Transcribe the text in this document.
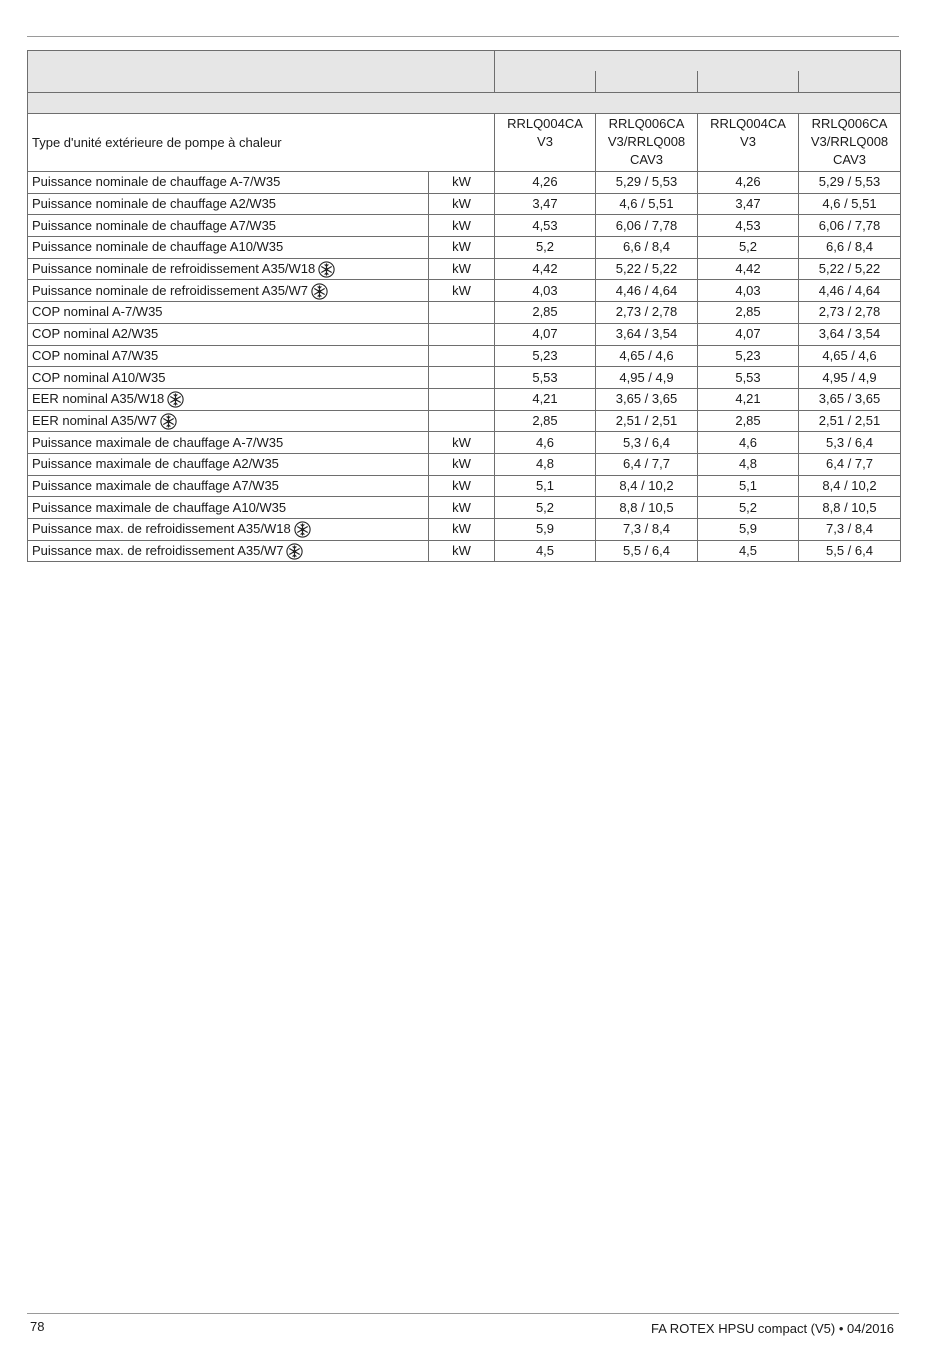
Type d'unité extérieure de pompe à chaleur		RRLQ004CA V3	RRLQ006CA V3/RRLQ008 CAV3	RRLQ004CA V3	RRLQ006CA V3/RRLQ008 CAV3
Puissance nominale de chauffage A-7/W35	kW	4,26	5,29 / 5,53	4,26	5,29 / 5,53
Puissance nominale de chauffage A2/W35	kW	3,47	4,6 / 5,51	3,47	4,6 / 5,51
Puissance nominale de chauffage A7/W35	kW	4,53	6,06 / 7,78	4,53	6,06 / 7,78
Puissance nominale de chauffage A10/W35	kW	5,2	6,6 / 8,4	5,2	6,6 / 8,4
Puissance nominale de refroidissement A35/W18	kW	4,42	5,22 / 5,22	4,42	5,22 / 5,22
Puissance nominale de refroidissement A35/W7	kW	4,03	4,46 / 4,64	4,03	4,46 / 4,64
COP nominal A-7/W35		2,85	2,73 / 2,78	2,85	2,73 / 2,78
COP nominal A2/W35		4,07	3,64 / 3,54	4,07	3,64 / 3,54
COP nominal A7/W35		5,23	4,65 / 4,6	5,23	4,65 / 4,6
COP nominal A10/W35		5,53	4,95 / 4,9	5,53	4,95 / 4,9
EER nominal A35/W18		4,21	3,65 / 3,65	4,21	3,65 / 3,65
EER nominal A35/W7		2,85	2,51 / 2,51	2,85	2,51 / 2,51
Puissance maximale de chauffage A-7/W35	kW	4,6	5,3 / 6,4	4,6	5,3 / 6,4
Puissance maximale de chauffage A2/W35	kW	4,8	6,4 / 7,7	4,8	6,4 / 7,7
Puissance maximale de chauffage A7/W35	kW	5,1	8,4 / 10,2	5,1	8,4 / 10,2
Puissance maximale de chauffage A10/W35	kW	5,2	8,8 / 10,5	5,2	8,8 / 10,5
Puissance max. de refroidissement A35/W18	kW	5,9	7,3 / 8,4	5,9	7,3 / 8,4
Puissance max. de refroidissement A35/W7	kW	4,5	5,5 / 6,4	4,5	5,5 / 6,4
78	FA ROTEX HPSU compact (V5) • 04/2016
